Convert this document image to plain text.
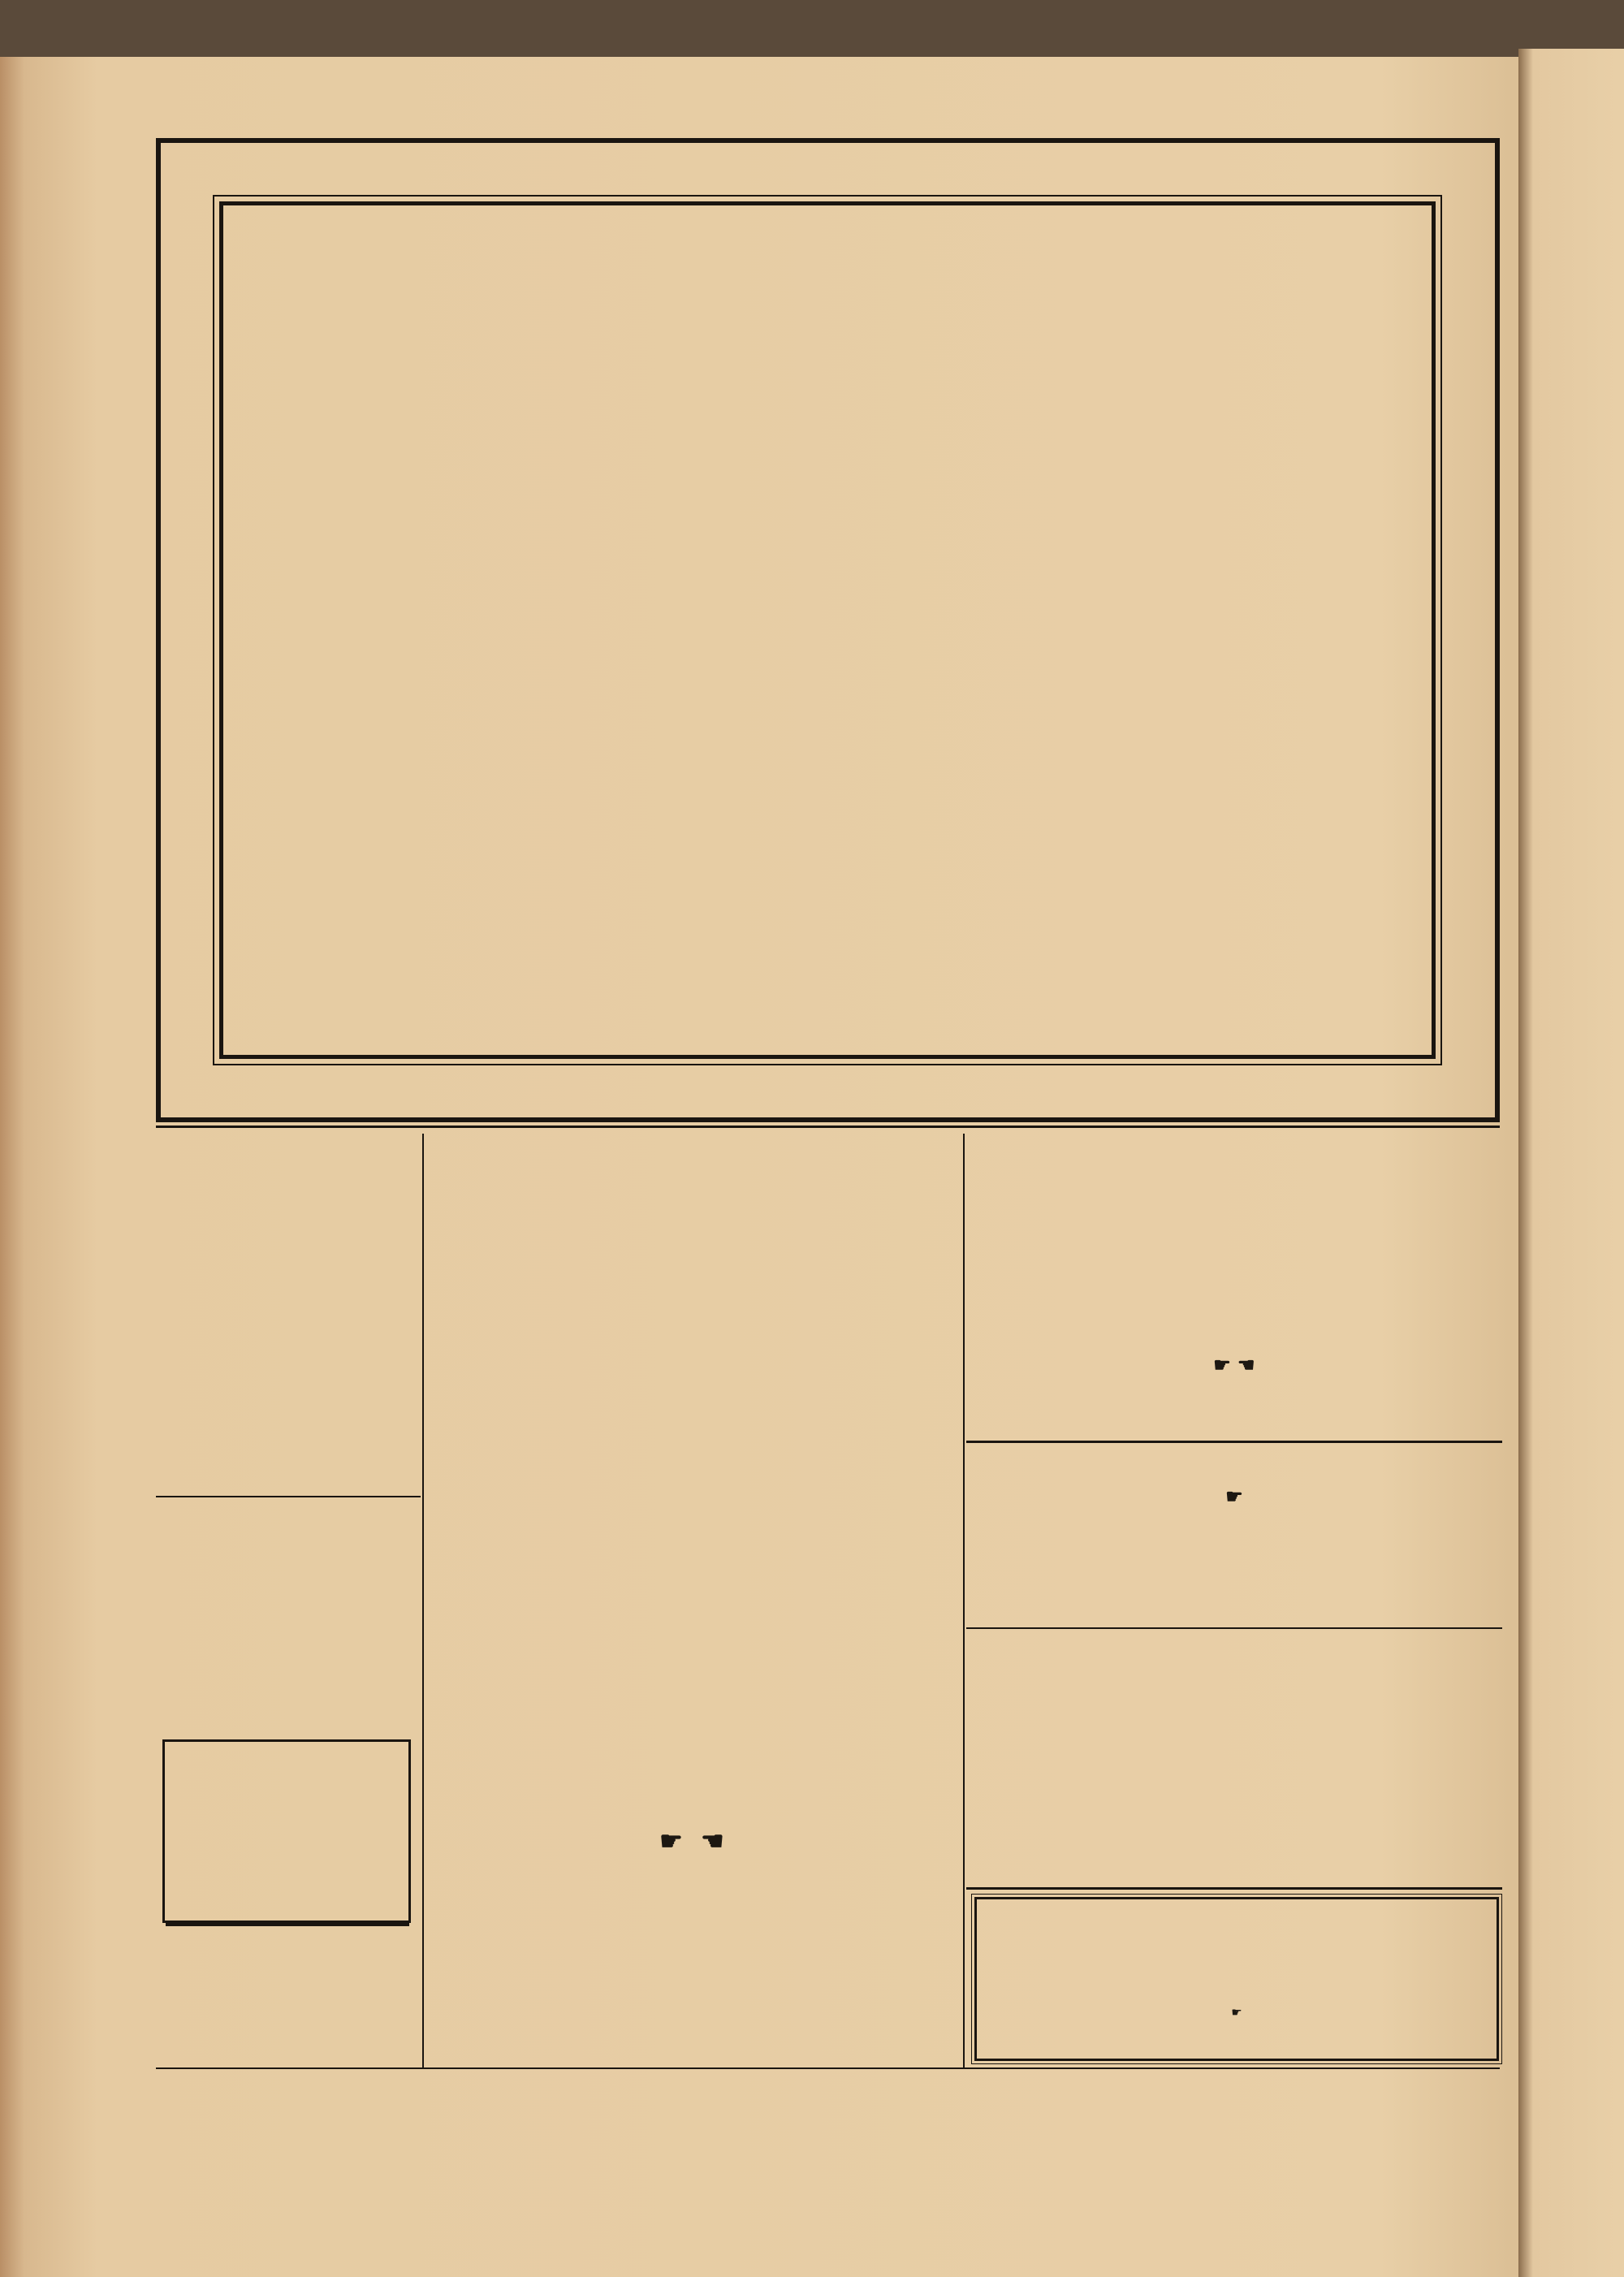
☛ ☛
☛ ☛
☛
☛
